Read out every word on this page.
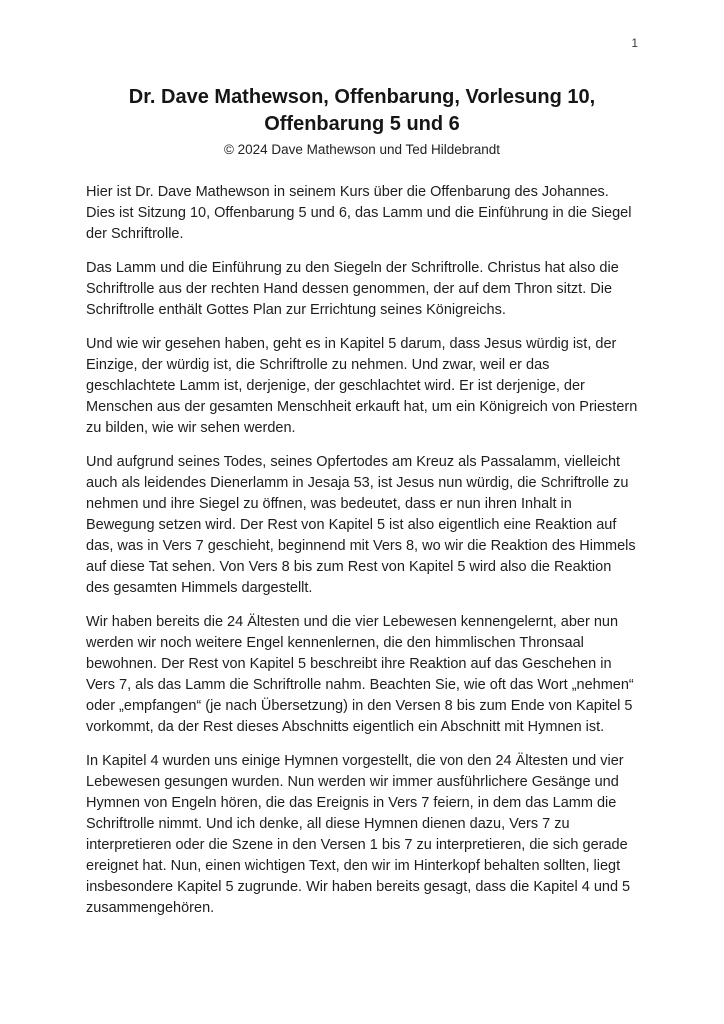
1
Dr. Dave Mathewson, Offenbarung, Vorlesung 10,
Offenbarung 5 und 6
© 2024 Dave Mathewson und Ted Hildebrandt

Hier ist Dr. Dave Mathewson in seinem Kurs über die Offenbarung des Johannes. Dies ist Sitzung 10, Offenbarung 5 und 6, das Lamm und die Einführung in die Siegel der Schriftrolle.

Das Lamm und die Einführung zu den Siegeln der Schriftrolle. Christus hat also die Schriftrolle aus der rechten Hand dessen genommen, der auf dem Thron sitzt. Die Schriftrolle enthält Gottes Plan zur Errichtung seines Königreichs.

Und wie wir gesehen haben, geht es in Kapitel 5 darum, dass Jesus würdig ist, der Einzige, der würdig ist, die Schriftrolle zu nehmen. Und zwar, weil er das geschlachtete Lamm ist, derjenige, der geschlachtet wird. Er ist derjenige, der Menschen aus der gesamten Menschheit erkauft hat, um ein Königreich von Priestern zu bilden, wie wir sehen werden.

Und aufgrund seines Todes, seines Opfertodes am Kreuz als Passalamm, vielleicht auch als leidendes Dienerlamm in Jesaja 53, ist Jesus nun würdig, die Schriftrolle zu nehmen und ihre Siegel zu öffnen, was bedeutet, dass er nun ihren Inhalt in Bewegung setzen wird. Der Rest von Kapitel 5 ist also eigentlich eine Reaktion auf das, was in Vers 7 geschieht, beginnend mit Vers 8, wo wir die Reaktion des Himmels auf diese Tat sehen. Von Vers 8 bis zum Rest von Kapitel 5 wird also die Reaktion des gesamten Himmels dargestellt.

Wir haben bereits die 24 Ältesten und die vier Lebewesen kennengelernt, aber nun werden wir noch weitere Engel kennenlernen, die den himmlischen Thronsaal bewohnen. Der Rest von Kapitel 5 beschreibt ihre Reaktion auf das Geschehen in Vers 7, als das Lamm die Schriftrolle nahm. Beachten Sie, wie oft das Wort „nehmen“ oder „empfangen“ (je nach Übersetzung) in den Versen 8 bis zum Ende von Kapitel 5 vorkommt, da der Rest dieses Abschnitts eigentlich ein Abschnitt mit Hymnen ist.

In Kapitel 4 wurden uns einige Hymnen vorgestellt, die von den 24 Ältesten und vier Lebewesen gesungen wurden. Nun werden wir immer ausführlichere Gesänge und Hymnen von Engeln hören, die das Ereignis in Vers 7 feiern, in dem das Lamm die Schriftrolle nimmt. Und ich denke, all diese Hymnen dienen dazu, Vers 7 zu interpretieren oder die Szene in den Versen 1 bis 7 zu interpretieren, die sich gerade ereignet hat. Nun, einen wichtigen Text, den wir im Hinterkopf behalten sollten, liegt insbesondere Kapitel 5 zugrunde. Wir haben bereits gesagt, dass die Kapitel 4 und 5 zusammengehören.
